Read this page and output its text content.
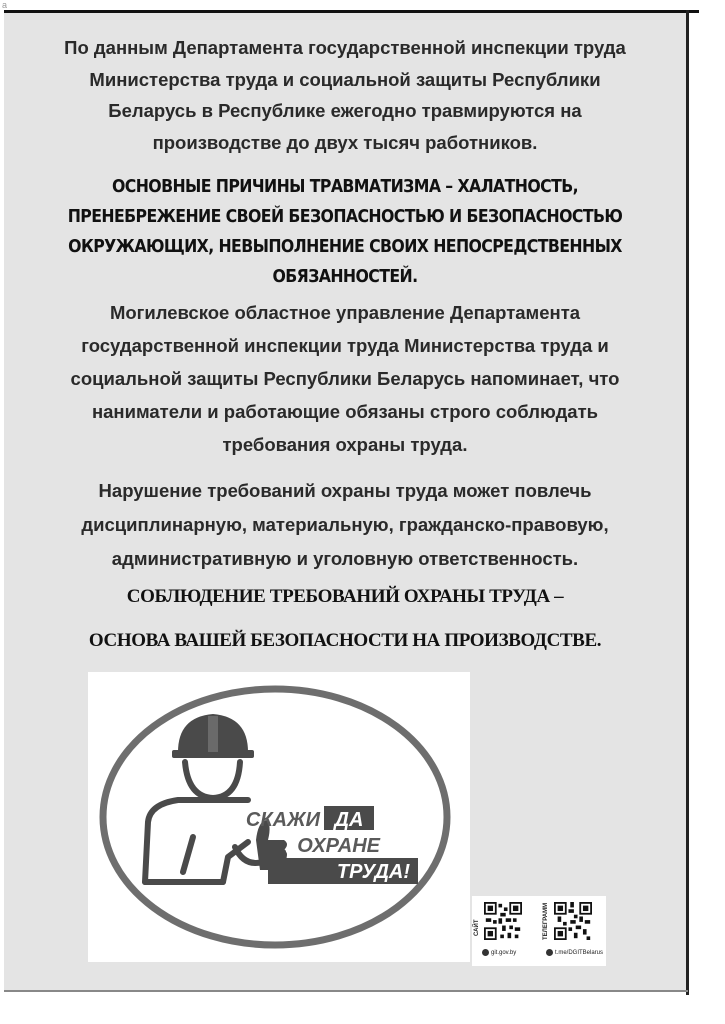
a
По данным Департамента государственной инспекции труда
Министерства труда и социальной защиты Республики
Беларусь в Республике ежегодно травмируются на
производстве до двух тысяч работников.
ОСНОВНЫЕ ПРИЧИНЫ ТРАВМАТИЗМА – ХАЛАТНОСТЬ,
ПРЕНЕБРЕЖЕНИЕ СВОЕЙ БЕЗОПАСНОСТЬЮ И БЕЗОПАСНОСТЬЮ
ОКРУЖАЮЩИХ, НЕВЫПОЛНЕНИЕ СВОИХ НЕПОСРЕДСТВЕННЫХ
ОБЯЗАННОСТЕЙ.
Могилевское областное управление Департамента
государственной инспекции труда Министерства труда и
социальной защиты Республики Беларусь напоминает, что
наниматели и работающие обязаны строго соблюдать
требования охраны труда.
Нарушение требований охраны труда может повлечь
дисциплинарную, материальную, гражданско-правовую,
административную и уголовную ответственность.
СОБЛЮДЕНИЕ ТРЕБОВАНИЙ ОХРАНЫ ТРУДА –
ОСНОВА ВАШЕЙ БЕЗОПАСНОСТИ НА ПРОИЗВОДСТВЕ.
СКАЖИ ДА
ОХРАНЕ
ТРУДА!
САЙТ
git.gov.by
ТЕЛЕГРАММ
t.me/DGITBelarus
